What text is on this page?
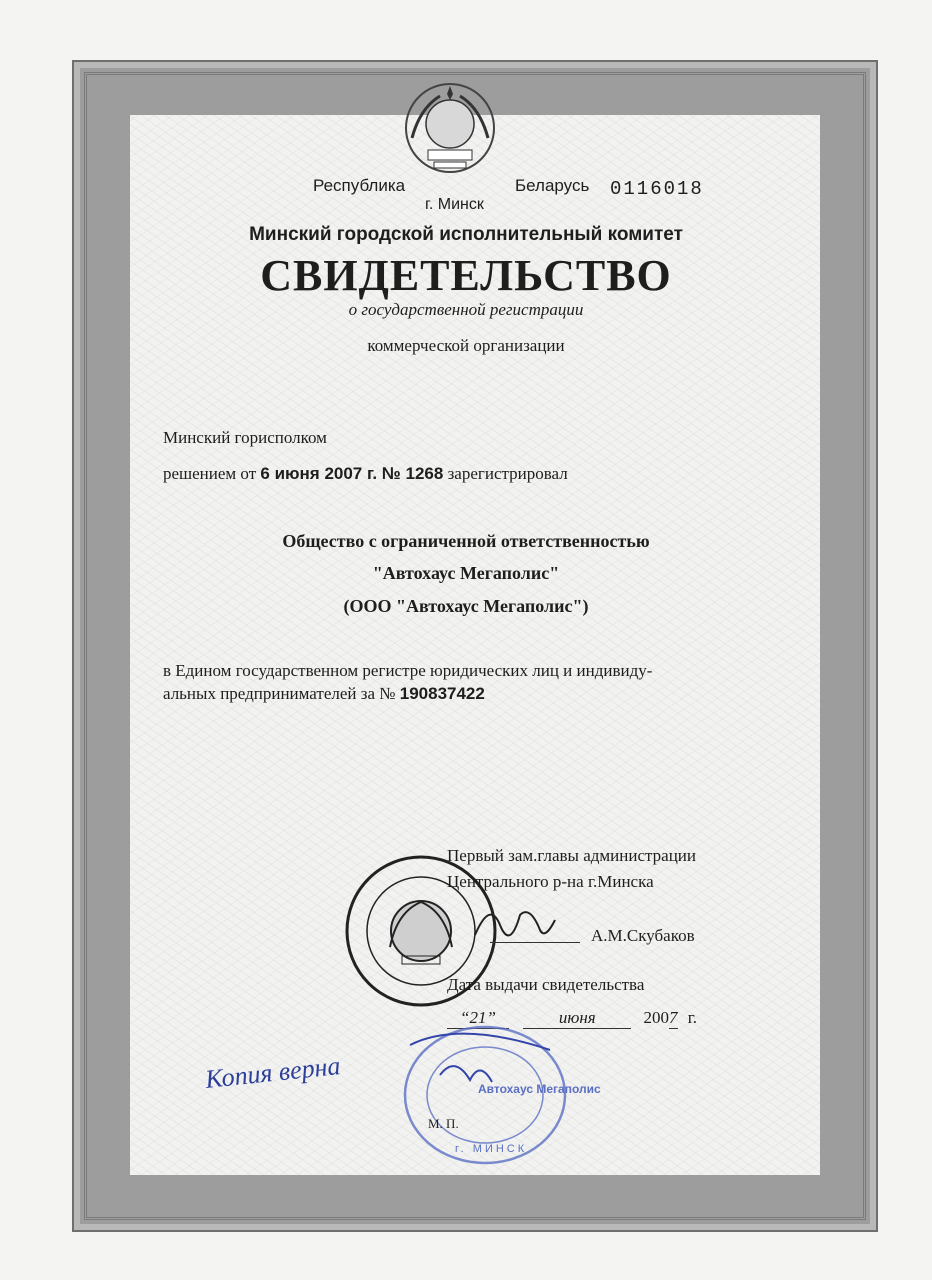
Республика	Беларусь 0116018
г. Минск
Минский городской исполнительный комитет
СВИДЕТЕЛЬСТВО
о государственной регистрации
коммерческой организации
Минский горисполком
решением от 6 июня 2007 г. № 1268 зарегистрировал
Общество с ограниченной ответственностью
"Автохаус Мегаполис"
(ООО "Автохаус Мегаполис")
в Едином государственном регистре юридических лиц и индивиду-
альных предпринимателей за № 190837422
Первый зам.главы администрации
Центрального р-на г.Минска
А.М.Скубаков
Дата выдачи свидетельства
“21”	июня	2007 г.
Копия верна	Автохаус Мегаполис
г. МИНСК
М. П.
